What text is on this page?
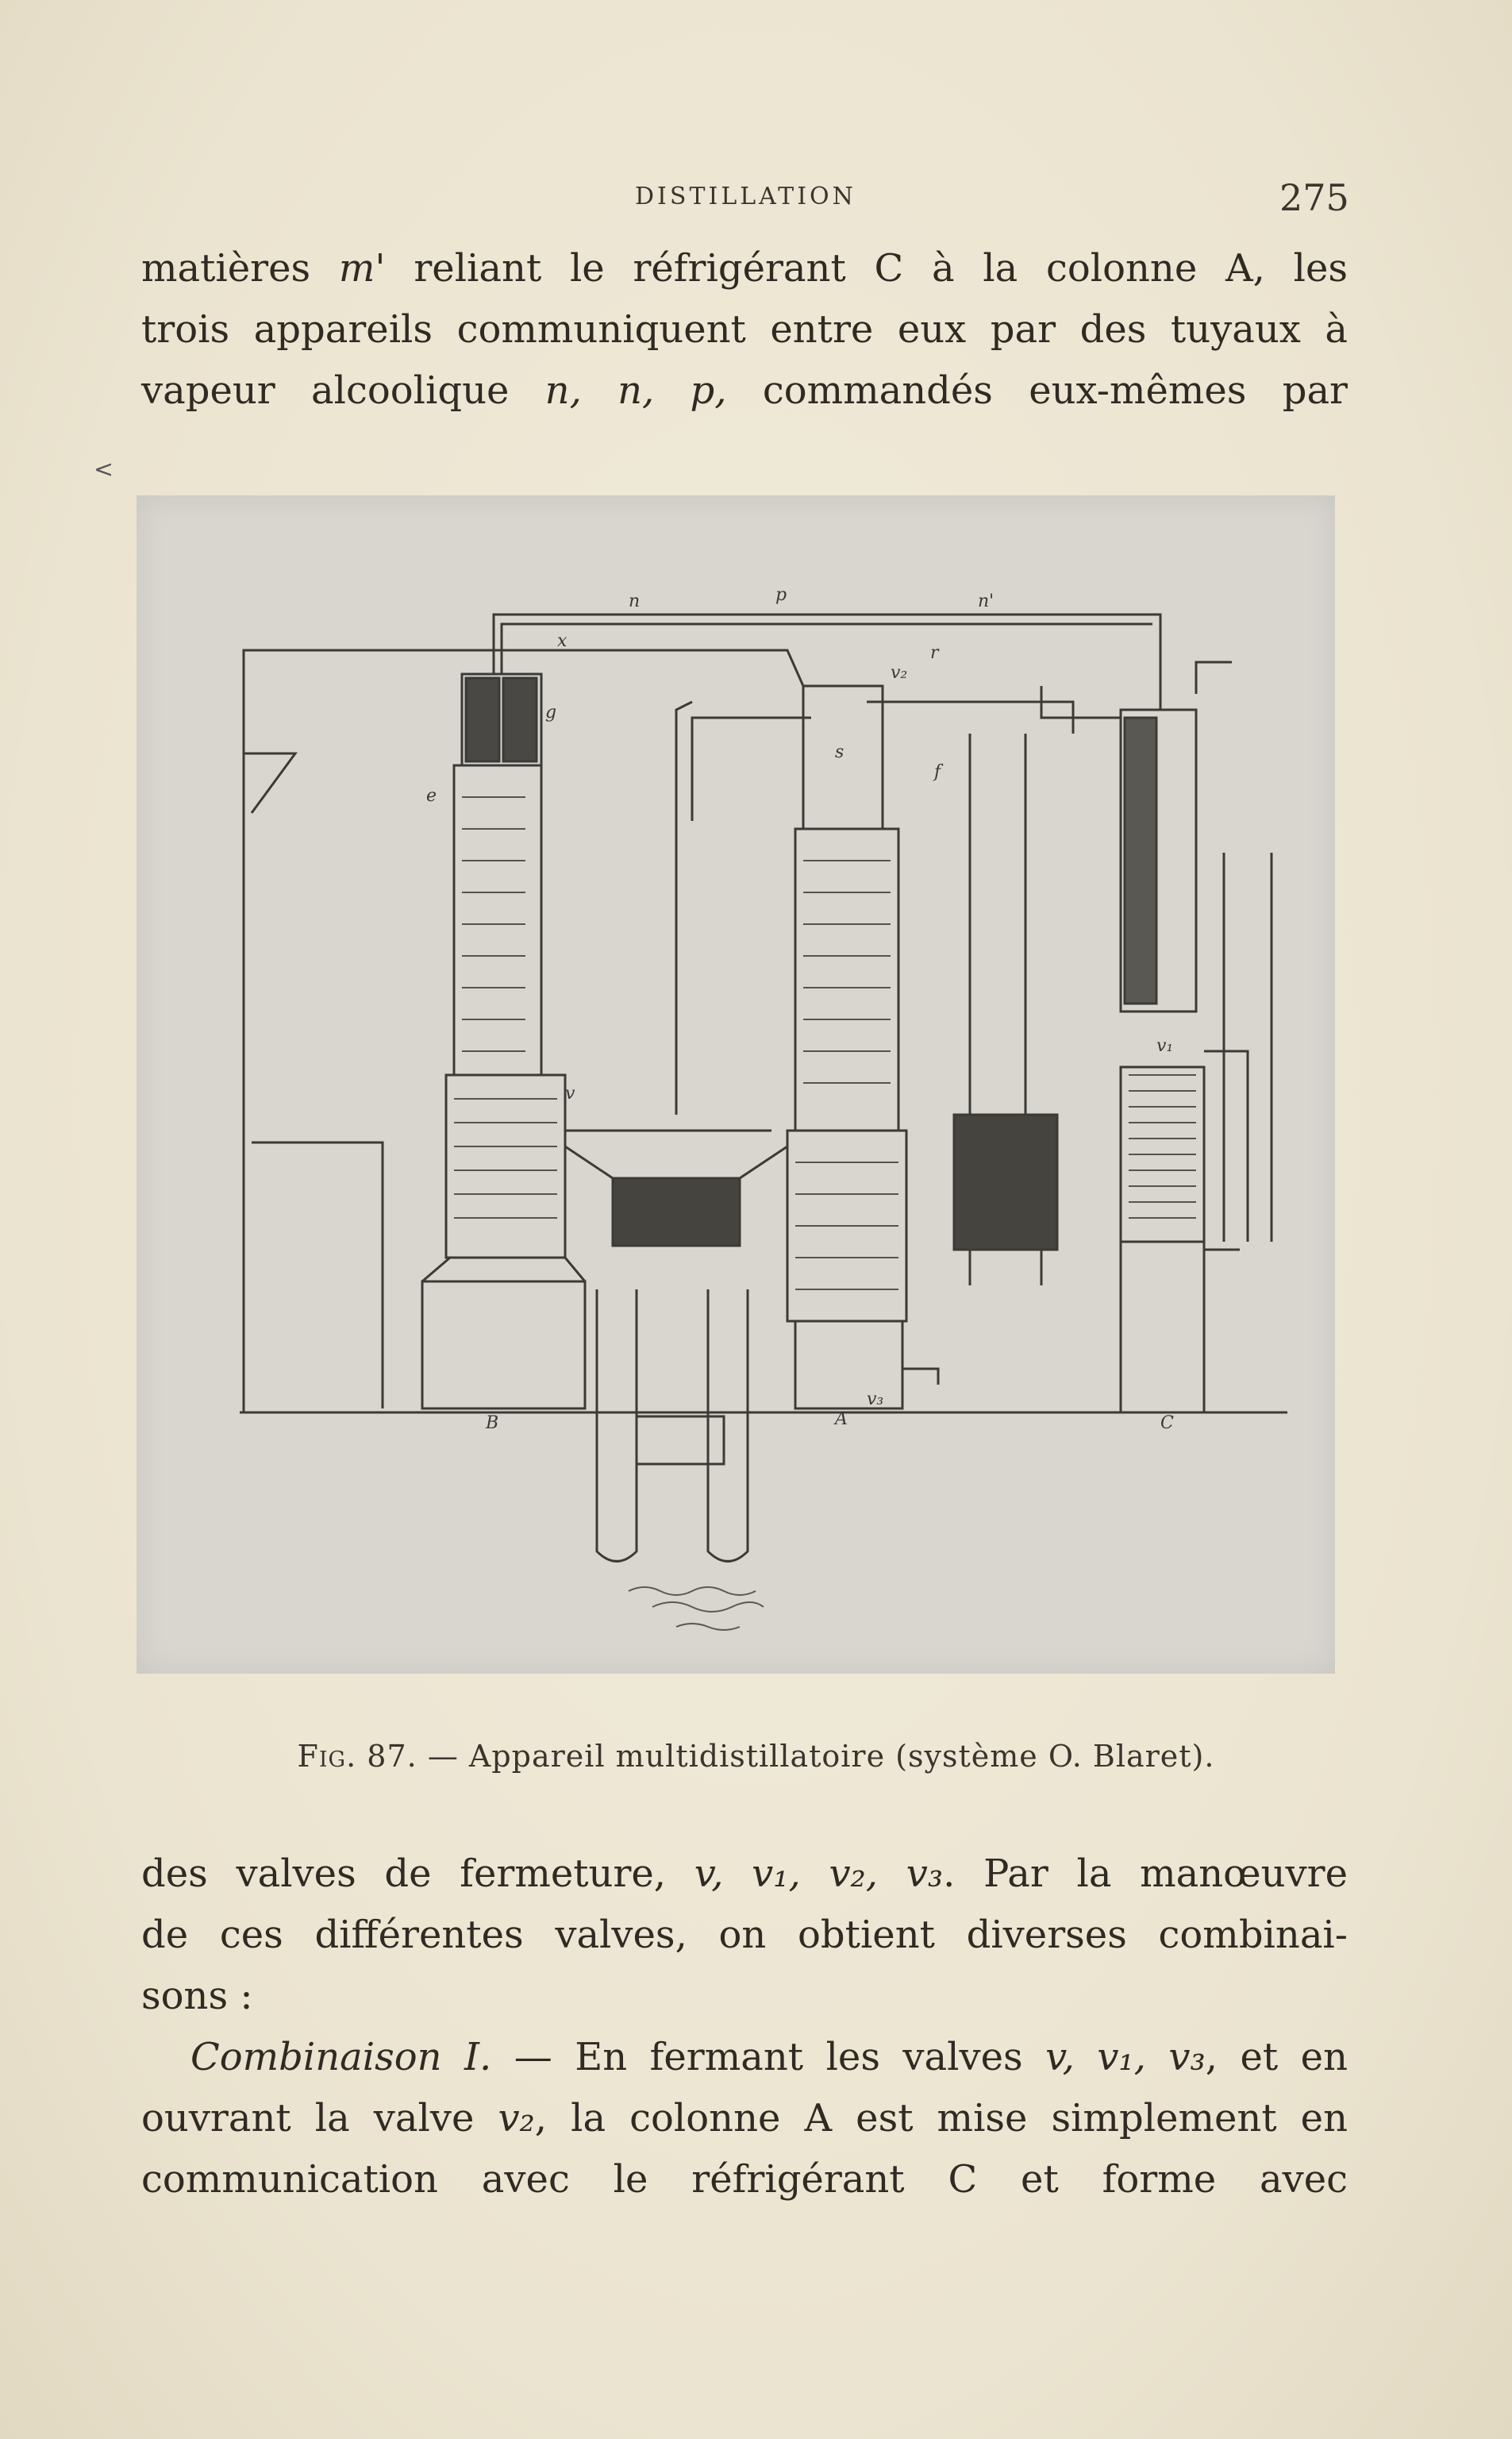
DISTILLATION	275
matières m' reliant le réfrigérant C à la colonne A, les
trois appareils communiquent entre eux par des tuyaux à
vapeur alcoolique n, n, p, commandés eux-mêmes par
<
B	A	C
n	n'
p
v
v₁
v₂
v₃
r
f
e
g
s
x
Fig. 87. — Appareil multidistillatoire (système O. Blaret).
des valves de fermeture, v, v₁, v₂, v₃. Par la manœuvre
de ces différentes valves, on obtient diverses combinai-
sons :
Combinaison I. — En fermant les valves v, v₁, v₃, et en
ouvrant la valve v₂, la colonne A est mise simplement en
communication avec le réfrigérant C et forme avec
